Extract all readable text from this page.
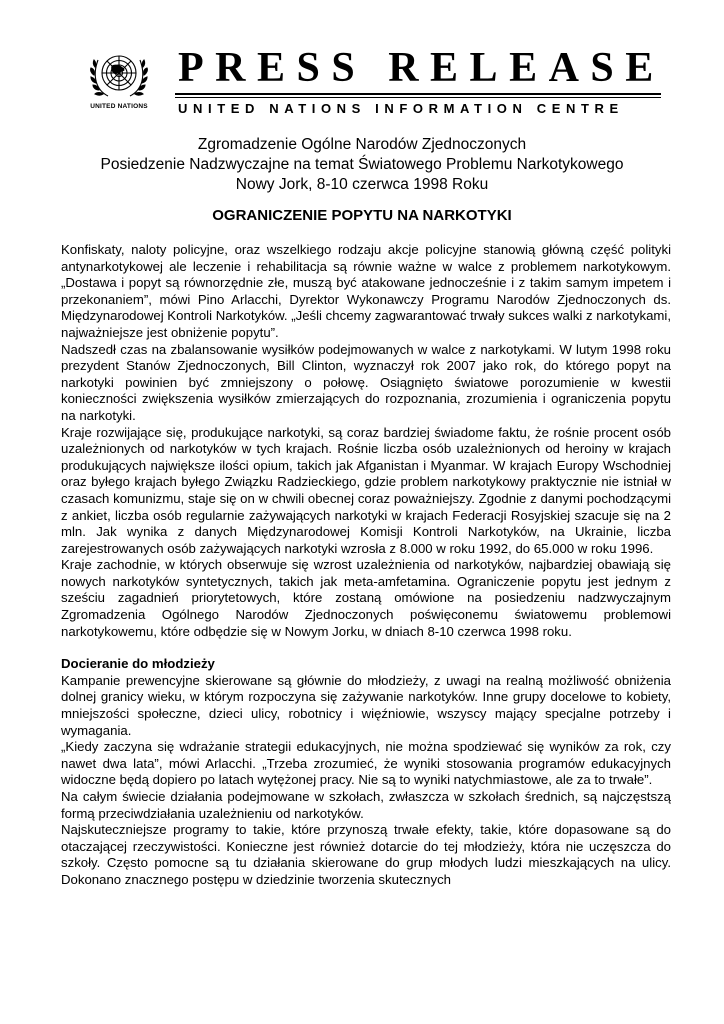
UNITED NATIONS
PRESS RELEASE
UNITED NATIONS INFORMATION CENTRE
Zgromadzenie Ogólne Narodów Zjednoczonych
Posiedzenie Nadzwyczajne na temat Światowego Problemu Narkotykowego
Nowy Jork, 8-10 czerwca 1998 Roku
OGRANICZENIE POPYTU NA NARKOTYKI

Konfiskaty, naloty policyjne, oraz wszelkiego rodzaju akcje policyjne stanowią główną część polityki antynarkotykowej ale leczenie i rehabilitacja są równie ważne w walce z problemem narkotykowym. „Dostawa i popyt są równorzędnie złe, muszą być atakowane jednocześnie i z takim samym impetem i przekonaniem”, mówi Pino Arlacchi, Dyrektor Wykonawczy Programu Narodów Zjednoczonych ds. Międzynarodowej Kontroli Narkotyków. „Jeśli chcemy zagwarantować trwały sukces walki z narkotykami, najważniejsze jest obniżenie popytu”.

Nadszedł czas na zbalansowanie wysiłków podejmowanych w walce z narkotykami. W lutym 1998 roku prezydent Stanów Zjednoczonych, Bill Clinton, wyznaczył rok 2007 jako rok, do którego popyt na narkotyki powinien być zmniejszony o połowę. Osiągnięto światowe porozumienie w kwestii konieczności zwiększenia wysiłków zmierzających do rozpoznania, zrozumienia i ograniczenia popytu na narkotyki.

Kraje rozwijające się, produkujące narkotyki, są coraz bardziej świadome faktu, że rośnie procent osób uzależnionych od narkotyków w tych krajach. Rośnie liczba osób uzależnionych od heroiny w krajach produkujących największe ilości opium, takich jak Afganistan i Myanmar. W krajach Europy Wschodniej oraz byłego krajach byłego Związku Radzieckiego, gdzie problem narkotykowy praktycznie nie istniał w czasach komunizmu, staje się on w chwili obecnej coraz poważniejszy. Zgodnie z danymi pochodzącymi z ankiet, liczba osób regularnie zażywających narkotyki w krajach Federacji Rosyjskiej szacuje się na 2 mln. Jak wynika z danych Międzynarodowej Komisji Kontroli Narkotyków, na Ukrainie, liczba zarejestrowanych osób zażywających narkotyki wzrosła z 8.000 w roku 1992, do 65.000 w roku 1996.

Kraje zachodnie, w których obserwuje się wzrost uzależnienia od narkotyków, najbardziej obawiają się nowych narkotyków syntetycznych, takich jak meta-amfetamina. Ograniczenie popytu jest jednym z sześciu zagadnień priorytetowych, które zostaną omówione na posiedzeniu nadzwyczajnym Zgromadzenia Ogólnego Narodów Zjednoczonych poświęconemu światowemu problemowi narkotykowemu, które odbędzie się w Nowym Jorku, w dniach 8-10 czerwca 1998 roku.

Docieranie do młodzieży

Kampanie prewencyjne skierowane są głównie do młodzieży, z uwagi na realną możliwość obniżenia dolnej granicy wieku, w którym rozpoczyna się zażywanie narkotyków. Inne grupy docelowe to kobiety, mniejszości społeczne, dzieci ulicy, robotnicy i więźniowie, wszyscy mający specjalne potrzeby i wymagania.

„Kiedy zaczyna się wdrażanie strategii edukacyjnych, nie można spodziewać się wyników za rok, czy nawet dwa lata”, mówi Arlacchi. „Trzeba zrozumieć, że wyniki stosowania programów edukacyjnych widoczne będą dopiero po latach wytężonej pracy. Nie są to wyniki natychmiastowe, ale za to trwałe”.

Na całym świecie działania podejmowane w szkołach, zwłaszcza w szkołach średnich, są najczęstszą formą przeciwdziałania uzależnieniu od narkotyków.

Najskuteczniejsze programy to takie, które przynoszą trwałe efekty, takie, które dopasowane są do otaczającej rzeczywistości. Konieczne jest również dotarcie do tej młodzieży, która nie uczęszcza do szkoły. Często pomocne są tu działania skierowane do grup młodych ludzi mieszkających na ulicy. Dokonano znacznego postępu w dziedzinie tworzenia skutecznych
